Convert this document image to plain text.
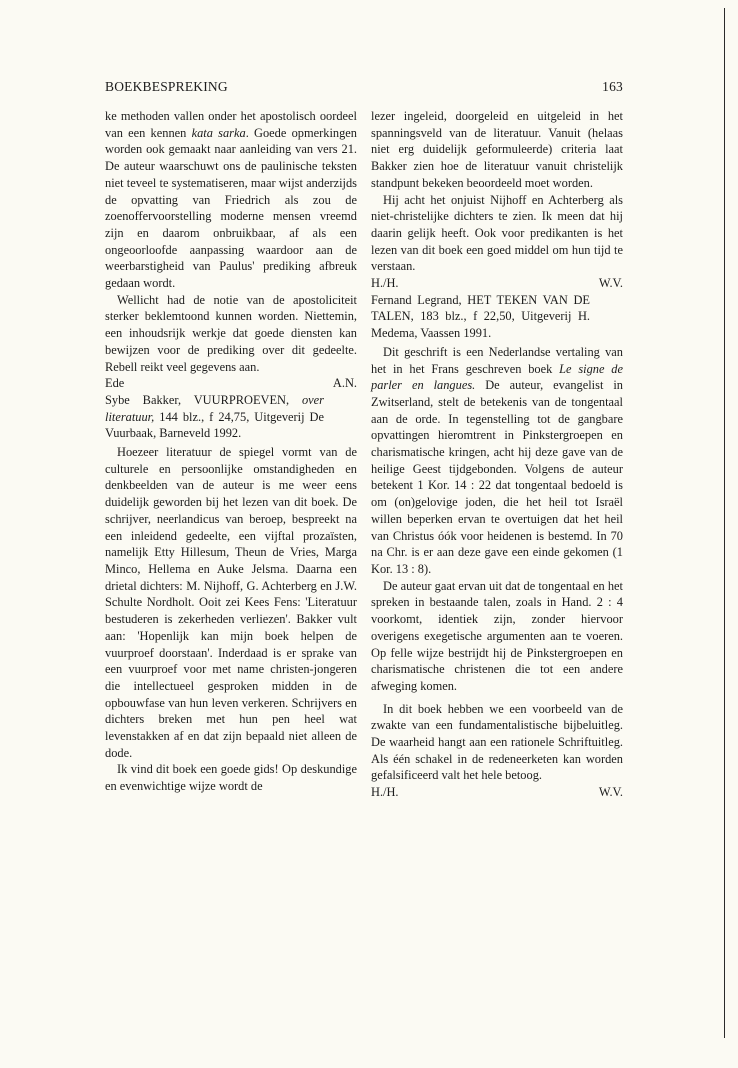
BOEKBESPREKING	163

ke methoden vallen onder het apostolisch oordeel van een kennen kata sarka. Goede opmerkingen worden ook gemaakt naar aanleiding van vers 21. De auteur waarschuwt ons de paulinische teksten niet teveel te systematiseren, maar wijst anderzijds de opvatting van Friedrich als zou de zoenoffervoorstelling moderne mensen vreemd zijn en daarom onbruikbaar, af als een ongeoorloofde aanpassing waardoor aan de weerbarstigheid van Paulus' prediking afbreuk gedaan wordt.

Wellicht had de notie van de apostoliciteit sterker beklemtoond kunnen worden. Niettemin, een inhoudsrijk werkje dat goede diensten kan bewijzen voor de prediking over dit gedeelte. Rebell reikt veel gegevens aan.

Ede	A.N.

Sybe Bakker, VUURPROEVEN, over literatuur, 144 blz., f 24,75, Uitgeverij De Vuurbaak, Barneveld 1992.

Hoezeer literatuur de spiegel vormt van de culturele en persoonlijke omstandigheden en denkbeelden van de auteur is me weer eens duidelijk geworden bij het lezen van dit boek. De schrijver, neerlandicus van beroep, bespreekt na een inleidend gedeelte, een vijftal prozaïsten, namelijk Etty Hillesum, Theun de Vries, Marga Minco, Hellema en Auke Jelsma. Daarna een drietal dichters: M. Nijhoff, G. Achterberg en J.W. Schulte Nordholt. Ooit zei Kees Fens: 'Literatuur bestuderen is zekerheden verliezen'. Bakker vult aan: 'Hopenlijk kan mijn boek helpen de vuurproef doorstaan'. Inderdaad is er sprake van een vuurproef voor met name christen-jongeren die intellectueel gesproken midden in de opbouwfase van hun leven verkeren. Schrijvers en dichters breken met hun pen heel wat levenstakken af en dat zijn bepaald niet alleen de dode.

Ik vind dit boek een goede gids! Op deskundige en evenwichtige wijze wordt de

lezer ingeleid, doorgeleid en uitgeleid in het spanningsveld van de literatuur. Vanuit (helaas niet erg duidelijk geformuleerde) criteria laat Bakker zien hoe de literatuur vanuit christelijk standpunt bekeken beoordeeld moet worden.

Hij acht het onjuist Nijhoff en Achterberg als niet-christelijke dichters te zien. Ik meen dat hij daarin gelijk heeft. Ook voor predikanten is het lezen van dit boek een goed middel om hun tijd te verstaan.

H./H.	W.V.

Fernand Legrand, HET TEKEN VAN DE TALEN, 183 blz., f 22,50, Uitgeverij H. Medema, Vaassen 1991.

Dit geschrift is een Nederlandse vertaling van het in het Frans geschreven boek Le signe de parler en langues. De auteur, evangelist in Zwitserland, stelt de betekenis van de tongentaal aan de orde. In tegenstelling tot de gangbare opvattingen hieromtrent in Pinkstergroepen en charismatische kringen, acht hij deze gave van de heilige Geest tijdgebonden. Volgens de auteur betekent 1 Kor. 14 : 22 dat tongentaal bedoeld is om (on)gelovige joden, die het heil tot Israël willen beperken ervan te overtuigen dat het heil van Christus óók voor heidenen is bestemd. In 70 na Chr. is er aan deze gave een einde gekomen (1 Kor. 13 : 8).

De auteur gaat ervan uit dat de tongentaal en het spreken in bestaande talen, zoals in Hand. 2 : 4 voorkomt, identiek zijn, zonder hiervoor overigens exegetische argumenten aan te voeren. Op felle wijze bestrijdt hij de Pinkstergroepen en charismatische christenen die tot een andere afweging komen.

In dit boek hebben we een voorbeeld van de zwakte van een fundamentalistische bijbeluitleg. De waarheid hangt aan een rationele Schriftuitleg. Als één schakel in de redeneerketen kan worden gefalsificeerd valt het hele betoog.

H./H.	W.V.
